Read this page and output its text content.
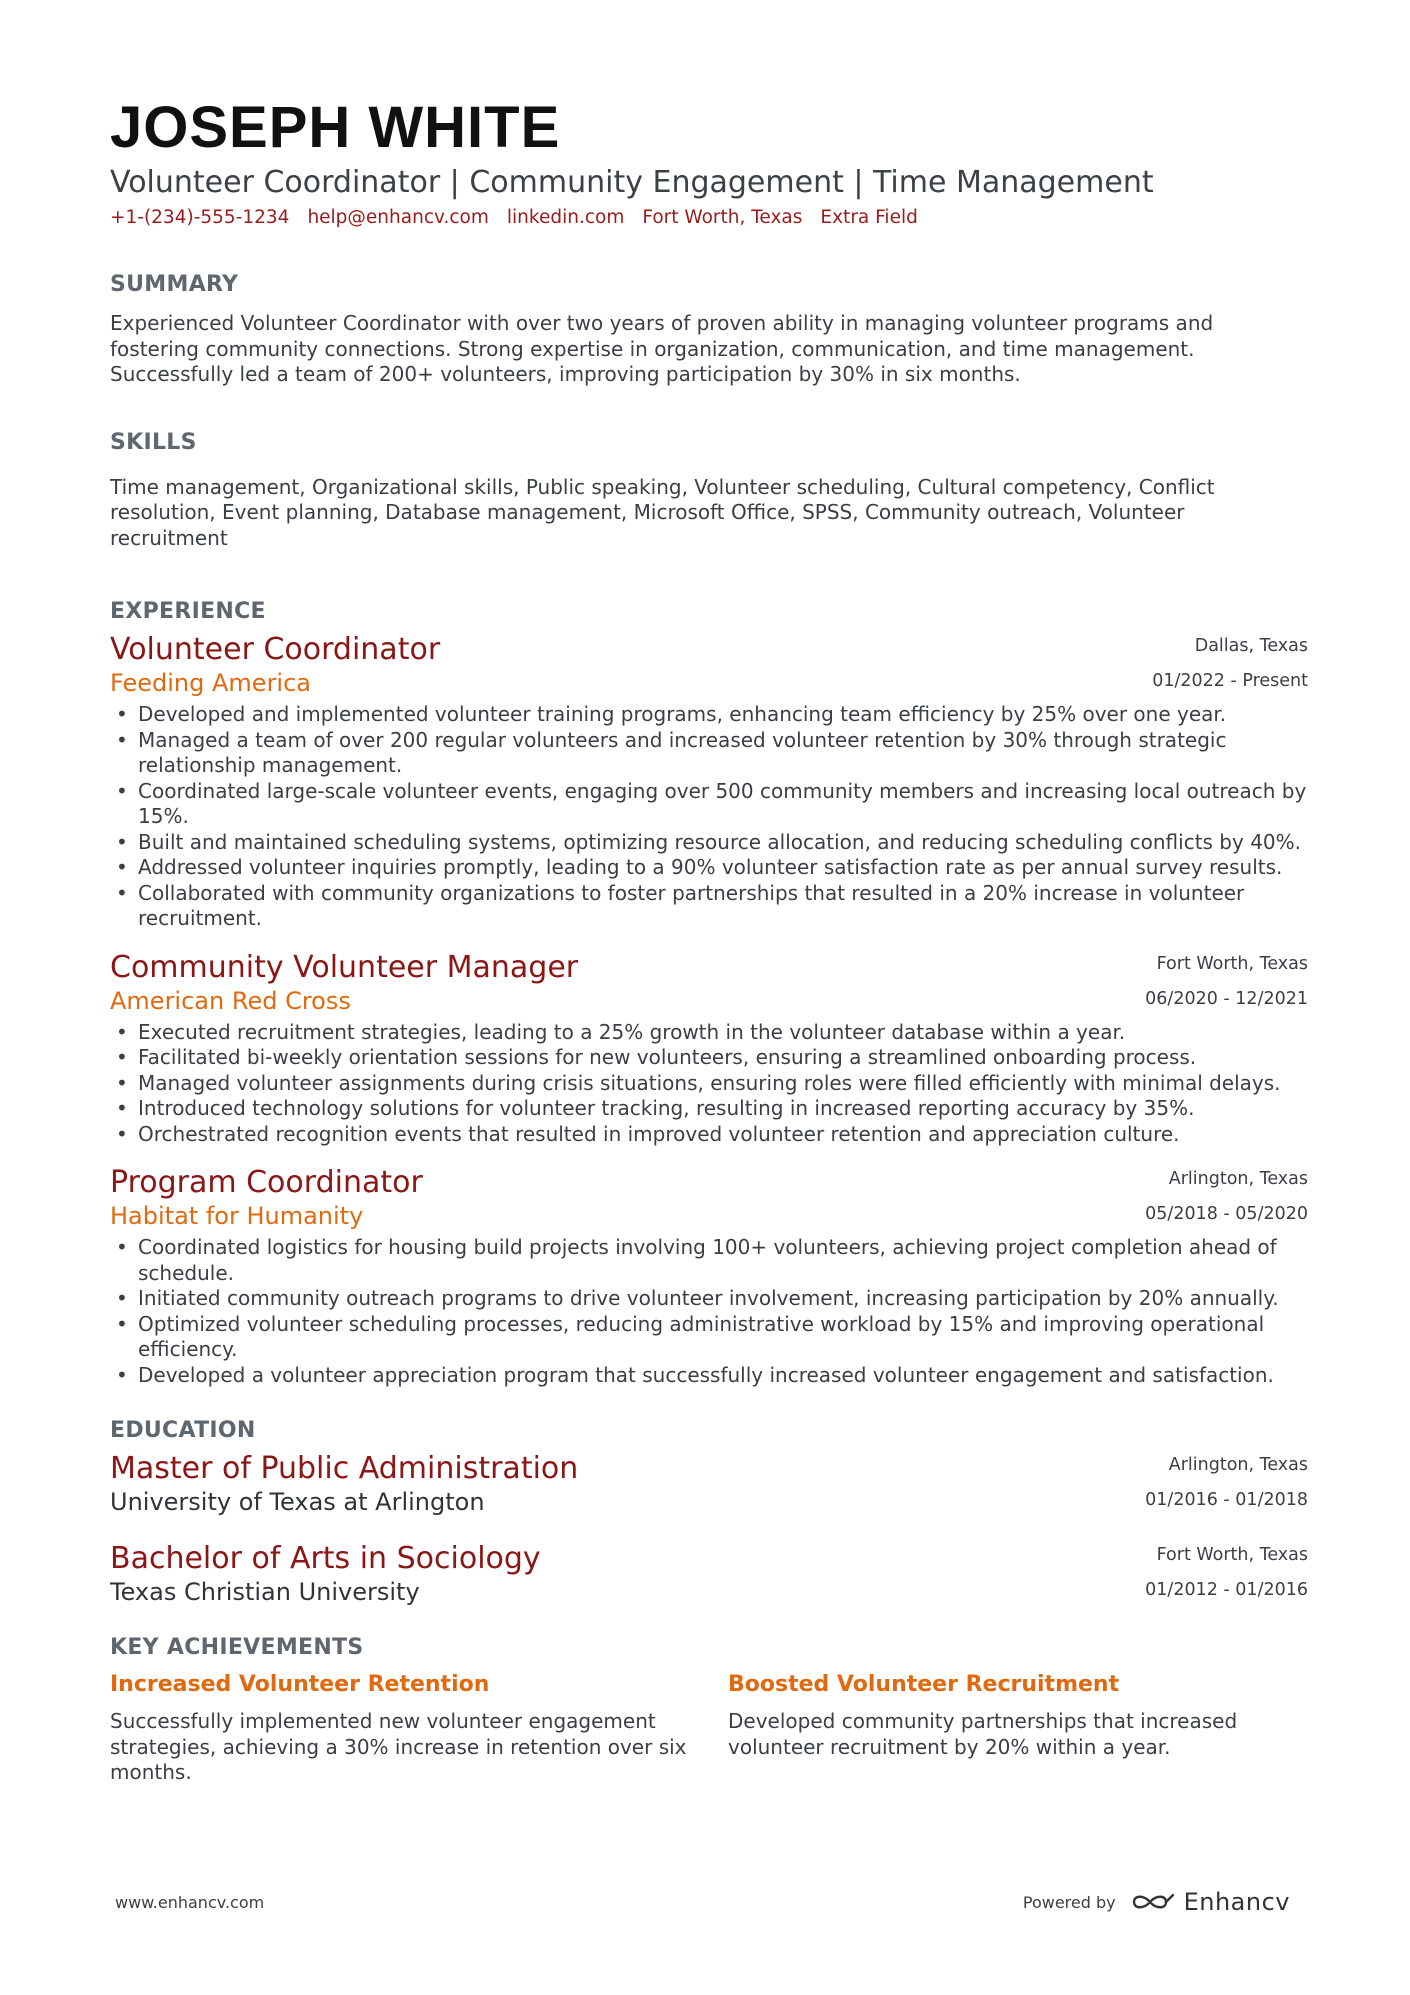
JOSEPH WHITE
Volunteer Coordinator | Community Engagement | Time Management
+1-(234)-555-1234 help@enhancv.com linkedin.com Fort Worth, Texas Extra Field
SUMMARY
Experienced Volunteer Coordinator with over two years of proven ability in managing volunteer programs and fostering community connections. Strong expertise in organization, communication, and time management. Successfully led a team of 200+ volunteers, improving participation by 30% in six months.
SKILLS
Time management, Organizational skills, Public speaking, Volunteer scheduling, Cultural competency, Conflict resolution, Event planning, Database management, Microsoft Office, SPSS, Community outreach, Volunteer recruitment
EXPERIENCE
Volunteer Coordinator
Feeding America
Dallas, Texas
01/2022 - Present
• Developed and implemented volunteer training programs, enhancing team efficiency by 25% over one year.
• Managed a team of over 200 regular volunteers and increased volunteer retention by 30% through strategic relationship management.
• Coordinated large-scale volunteer events, engaging over 500 community members and increasing local outreach by 15%.
• Built and maintained scheduling systems, optimizing resource allocation, and reducing scheduling conflicts by 40%.
• Addressed volunteer inquiries promptly, leading to a 90% volunteer satisfaction rate as per annual survey results.
• Collaborated with community organizations to foster partnerships that resulted in a 20% increase in volunteer recruitment.
Community Volunteer Manager
American Red Cross
Fort Worth, Texas
06/2020 - 12/2021
• Executed recruitment strategies, leading to a 25% growth in the volunteer database within a year.
• Facilitated bi-weekly orientation sessions for new volunteers, ensuring a streamlined onboarding process.
• Managed volunteer assignments during crisis situations, ensuring roles were filled efficiently with minimal delays.
• Introduced technology solutions for volunteer tracking, resulting in increased reporting accuracy by 35%.
• Orchestrated recognition events that resulted in improved volunteer retention and appreciation culture.
Program Coordinator
Habitat for Humanity
Arlington, Texas
05/2018 - 05/2020
• Coordinated logistics for housing build projects involving 100+ volunteers, achieving project completion ahead of schedule.
• Initiated community outreach programs to drive volunteer involvement, increasing participation by 20% annually.
• Optimized volunteer scheduling processes, reducing administrative workload by 15% and improving operational efficiency.
• Developed a volunteer appreciation program that successfully increased volunteer engagement and satisfaction.
EDUCATION
Master of Public Administration
University of Texas at Arlington
Arlington, Texas
01/2016 - 01/2018
Bachelor of Arts in Sociology
Texas Christian University
Fort Worth, Texas
01/2012 - 01/2016
KEY ACHIEVEMENTS
Increased Volunteer Retention
Successfully implemented new volunteer engagement strategies, achieving a 30% increase in retention over six months.
Boosted Volunteer Recruitment
Developed community partnerships that increased volunteer recruitment by 20% within a year.
www.enhancv.com	Powered by	Enhancv
